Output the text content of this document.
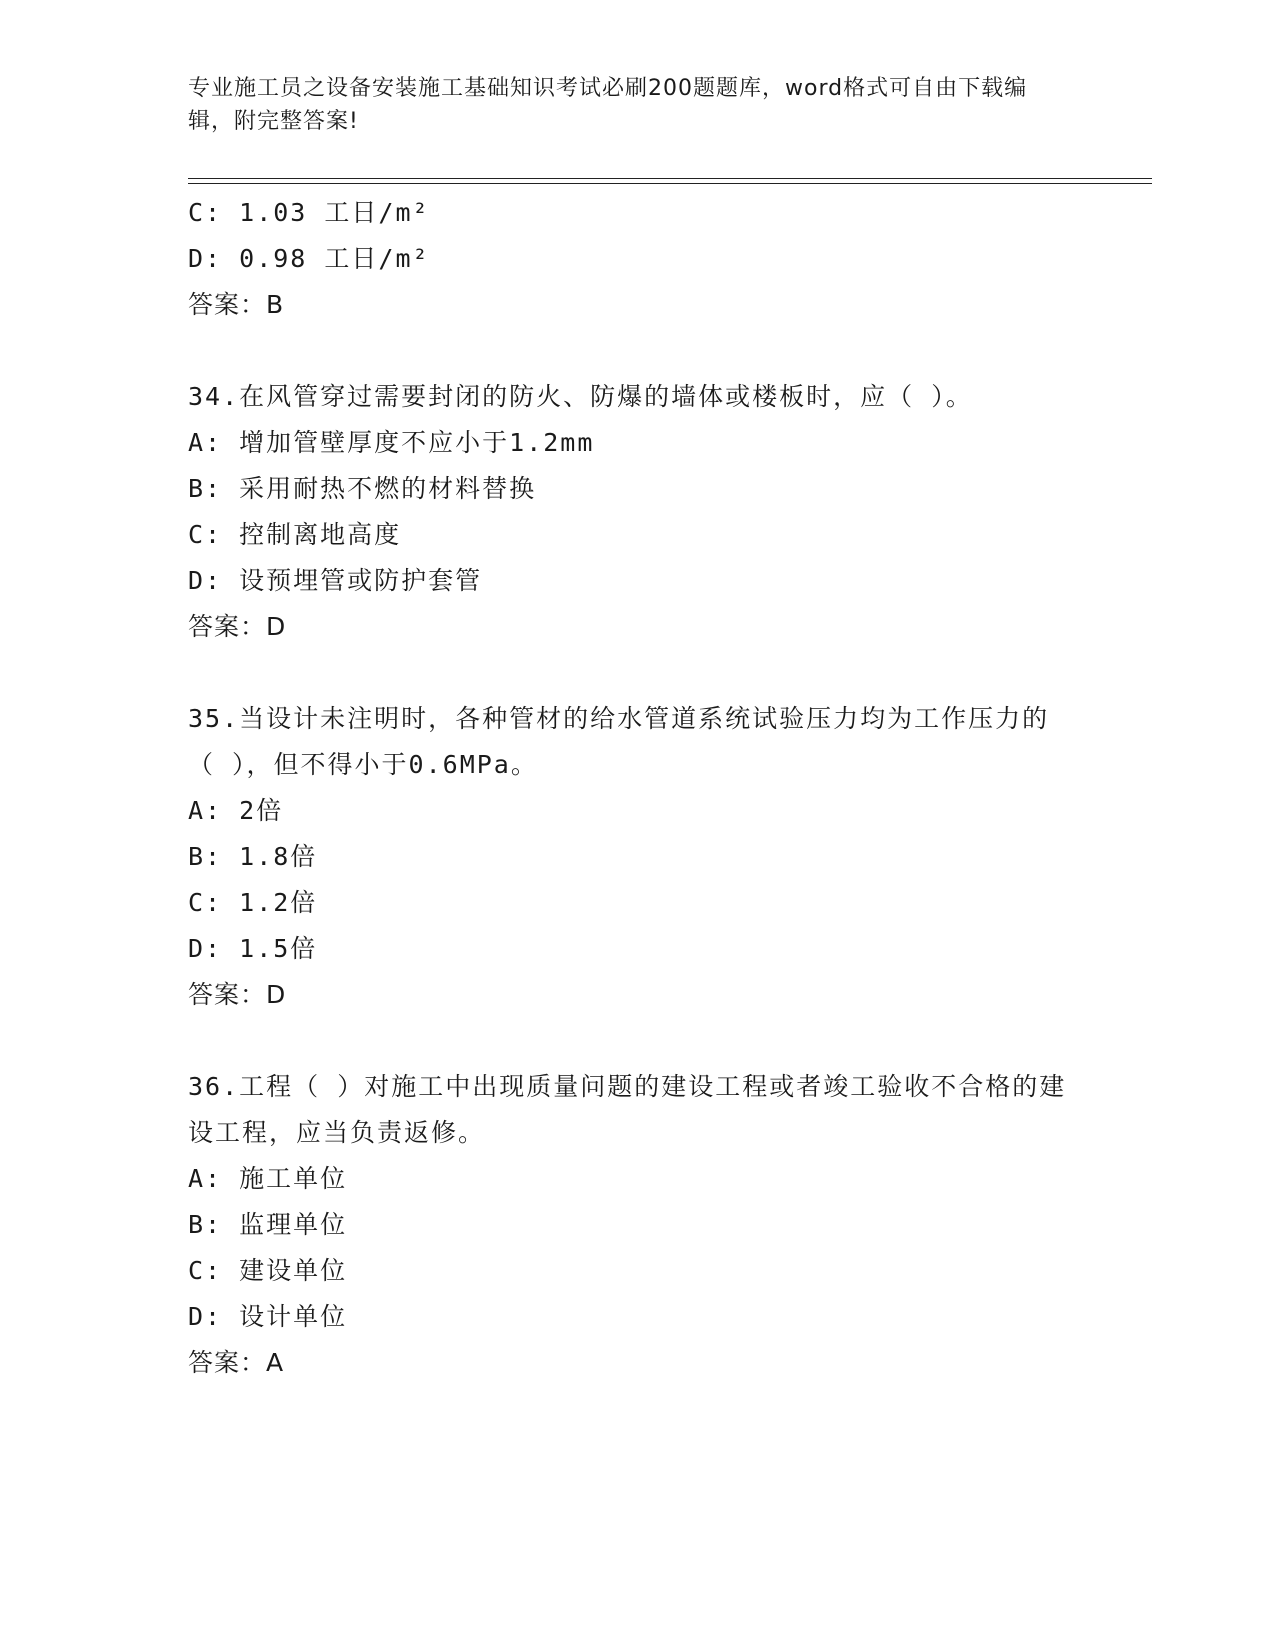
专业施工员之设备安装施工基础知识考试必刷200题题库，word格式可自由下载编辑，附完整答案!
C: 1.03 工日/m²
D: 0.98 工日/m²
答案：B
34.在风管穿过需要封闭的防火、防爆的墙体或楼板时，应（ ）。
A: 增加管壁厚度不应小于1.2mm
B: 采用耐热不燃的材料替换
C: 控制离地高度
D: 设预埋管或防护套管
答案：D
35.当设计未注明时，各种管材的给水管道系统试验压力均为工作压力的（ ），但不得小于0.6MPa。
A: 2倍
B: 1.8倍
C: 1.2倍
D: 1.5倍
答案：D
36.工程（ ）对施工中出现质量问题的建设工程或者竣工验收不合格的建设工程，应当负责返修。
A: 施工单位
B: 监理单位
C: 建设单位
D: 设计单位
答案：A
